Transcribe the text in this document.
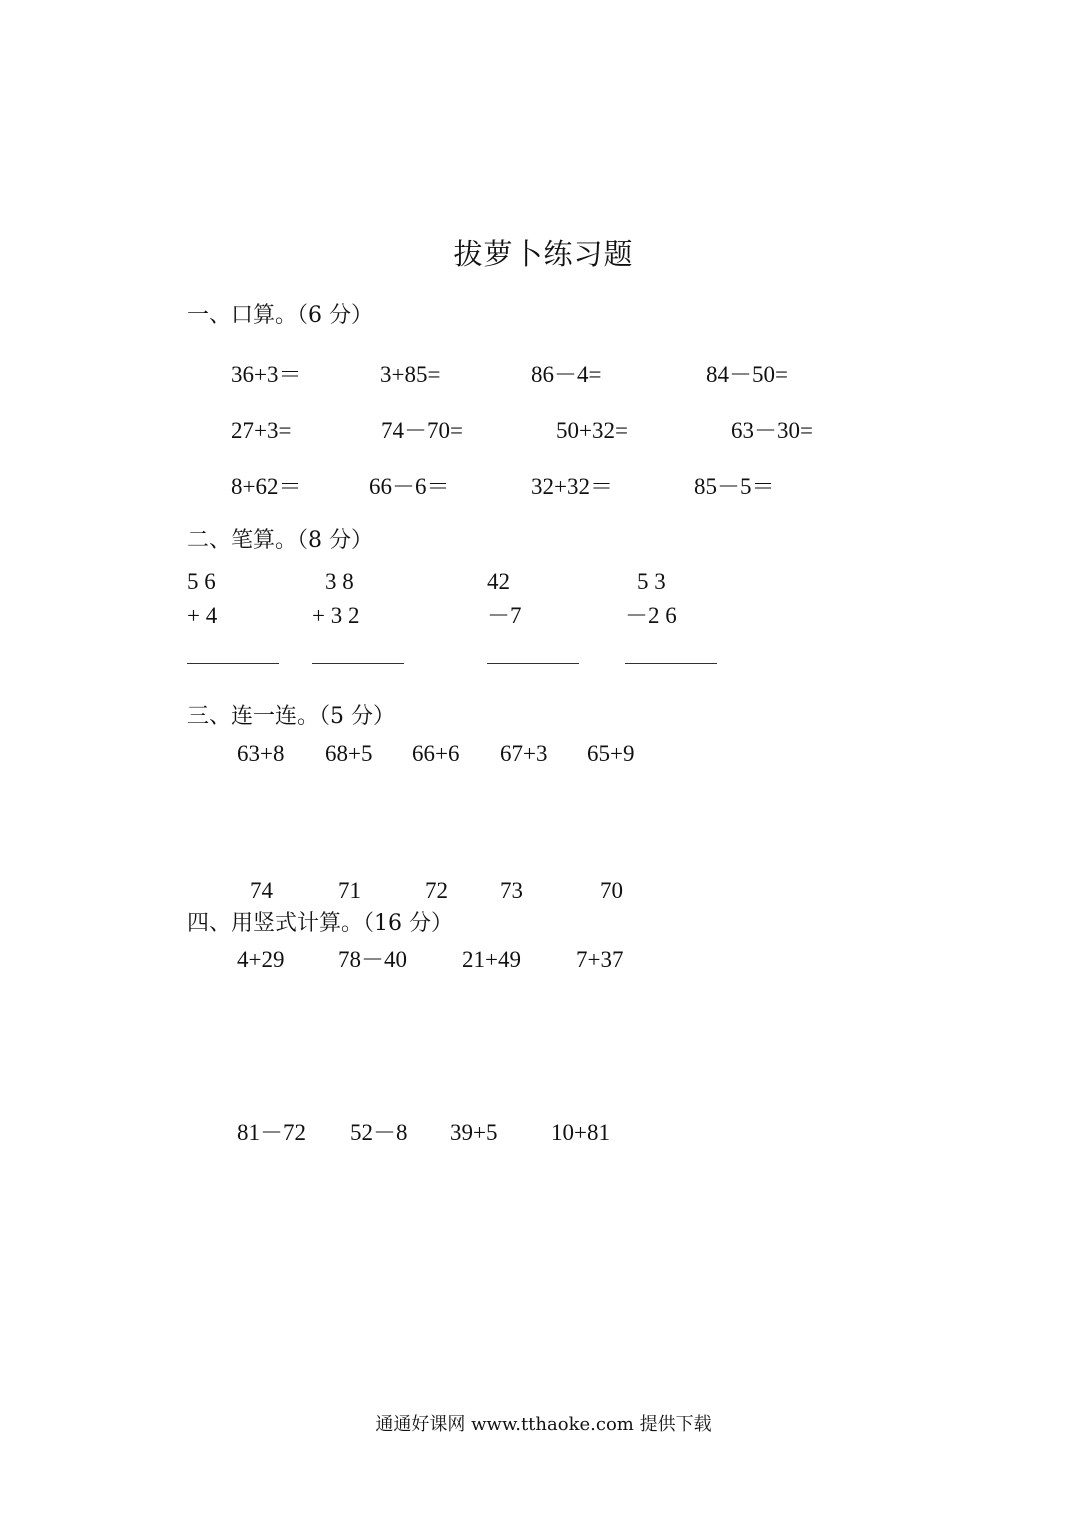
拔萝卜练习题
一、口算。（6 分）
36+3＝	3+85=	86－4=	84－50=
27+3=	74－70=	50+32=	63－30=
8+62＝	66－6＝	32+32＝	85－5＝
二、笔算。（8 分）
5 6
+ 4
＿＿＿＿
3 8
+ 3 2
＿＿＿＿
42
－7
＿＿＿＿
5 3
－2 6
＿＿＿＿
三、连一连。（5 分）
63+8 68+5 66+6 67+3 65+9
74	71	72 73	70
四、用竖式计算。（16 分）
4+29 78－40 21+49 7+37
81－72 52－8 39+5 10+81
通通好课网 www.tthaoke.com 提供下载
